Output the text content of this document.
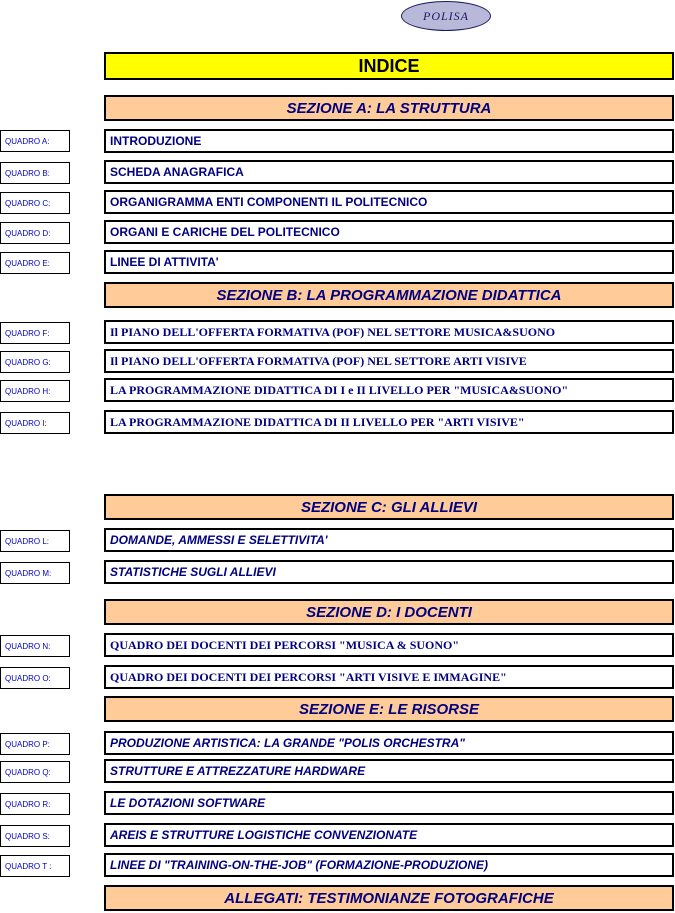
POLISA
INDICE
SEZIONE A: LA STRUTTURA
QUADRO A:	INTRODUZIONE
QUADRO B:	SCHEDA ANAGRAFICA
QUADRO C:	ORGANIGRAMMA ENTI COMPONENTI IL POLITECNICO
QUADRO D:	ORGANI E CARICHE DEL POLITECNICO
QUADRO E:	LINEE DI ATTIVITA'
SEZIONE B: LA PROGRAMMAZIONE DIDATTICA
QUADRO F:	Il PIANO DELL'OFFERTA FORMATIVA (POF) NEL SETTORE MUSICA&SUONO
QUADRO G:	Il PIANO DELL'OFFERTA FORMATIVA (POF) NEL SETTORE ARTI VISIVE
QUADRO H:	LA PROGRAMMAZIONE DIDATTICA DI I e II LIVELLO PER "MUSICA&SUONO"
QUADRO I:	LA PROGRAMMAZIONE DIDATTICA DI II LIVELLO PER "ARTI VISIVE"
SEZIONE C: GLI ALLIEVI
QUADRO L:	DOMANDE, AMMESSI E SELETTIVITA'
QUADRO M:	STATISTICHE SUGLI ALLIEVI
SEZIONE D: I DOCENTI
QUADRO N:	QUADRO DEI DOCENTI DEI PERCORSI "MUSICA & SUONO"
QUADRO O:	QUADRO DEI DOCENTI DEI PERCORSI "ARTI VISIVE E IMMAGINE"
SEZIONE E: LE RISORSE
QUADRO P:	PRODUZIONE ARTISTICA: LA GRANDE "POLIS ORCHESTRA"
QUADRO Q:	STRUTTURE E ATTREZZATURE HARDWARE
QUADRO R:	LE DOTAZIONI SOFTWARE
QUADRO S:	AREIS E STRUTTURE LOGISTICHE CONVENZIONATE
QUADRO T :	LINEE DI "TRAINING-ON-THE-JOB" (FORMAZIONE-PRODUZIONE)
ALLEGATI: TESTIMONIANZE FOTOGRAFICHE
